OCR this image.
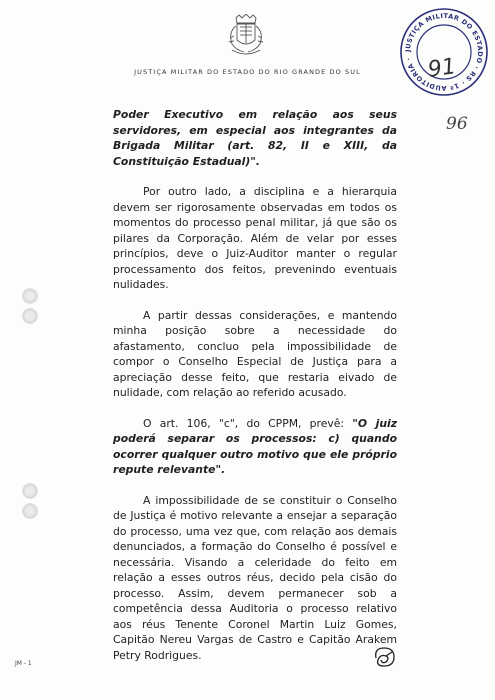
JUSTIÇA MILITAR DO ESTADO DO RIO GRANDE DO SUL
JUSTIÇA MILITAR DO ESTADO · RS · 1ª AUDITORIA · 91
96

Poder Executivo em relação aos seus servidores, em especial aos integrantes da Brigada Militar (art. 82, II e XIII, da Constituição Estadual)".

Por outro lado, a disciplina e a hierarquia devem ser rigorosamente observadas em todos os momentos do processo penal militar, já que são os pilares da Corporação. Além de velar por esses princípios, deve o Juiz-Auditor manter o regular processamento dos feitos, prevenindo eventuais nulidades.

A partir dessas considerações, e mantendo minha posição sobre a necessidade do afastamento, concluo pela impossibilidade de compor o Conselho Especial de Justiça para a apreciação desse feito, que restaria eivado de nulidade, com relação ao referido acusado.

O art. 106, "c", do CPPM, prevê: "O juiz poderá separar os processos: c) quando ocorrer qualquer outro motivo que ele próprio repute relevante".

A impossibilidade de se constituir o Conselho de Justiça é motivo relevante a ensejar a separação do processo, uma vez que, com relação aos demais denunciados, a formação do Conselho é possível e necessária. Visando a celeridade do feito em relação a esses outros réus, decido pela cisão do processo. Assim, devem permanecer sob a competência dessa Auditoria o processo relativo aos réus Tenente Coronel Martin Luiz Gomes, Capitão Nereu Vargas de Castro e Capitão Arakem Petry Rodrigues.

JM - 1
